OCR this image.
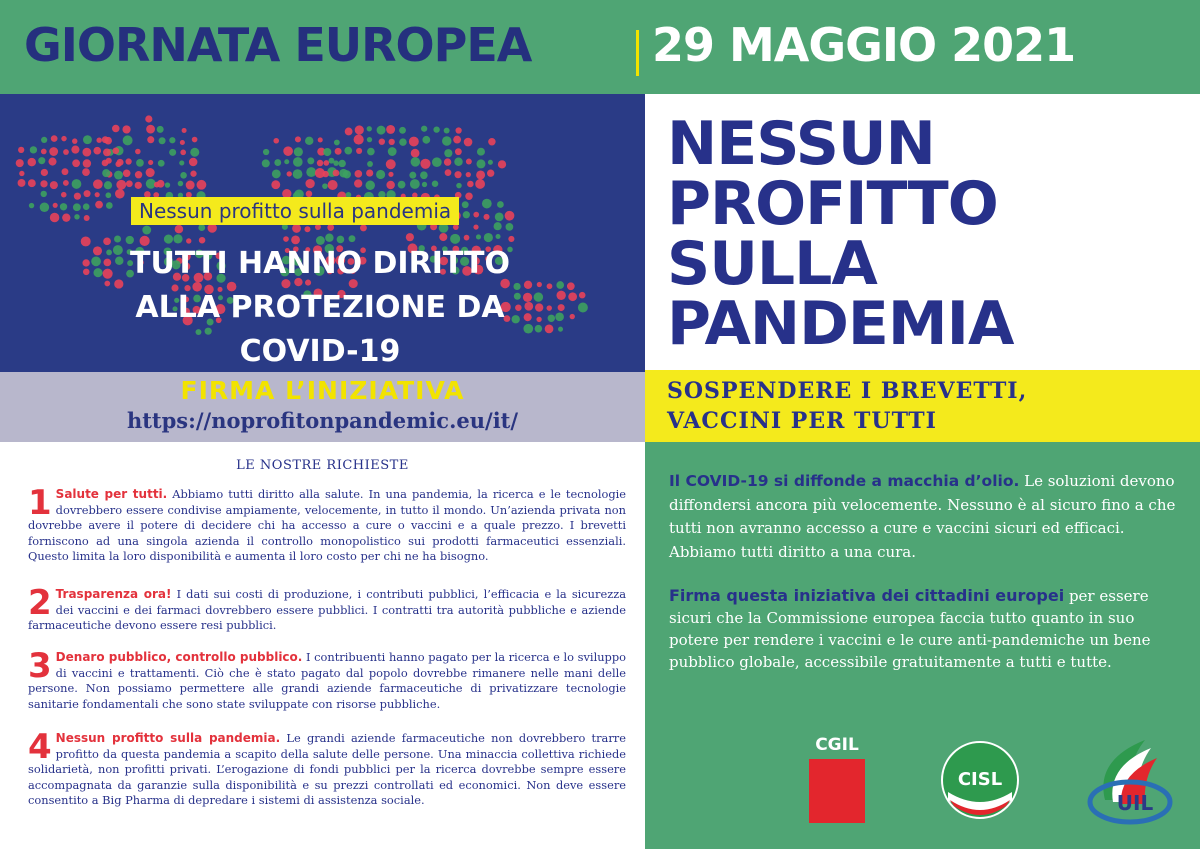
GIORNATA EUROPEA	29 MAGGIO 2021
Nessun profitto sulla pandemia
TUTTI HANNO DIRITTO
ALLA PROTEZIONE DA
COVID-19
FIRMA L’INIZIATIVA
https://noprofitonpandemic.eu/it/
NESSUN
PROFITTO
SULLA
PANDEMIA
SOSPENDERE I BREVETTI,
VACCINI PER TUTTI
LE NOSTRE RICHIESTE
1 Salute per tutti. Abbiamo tutti diritto alla salute. In una pandemia, la ricerca e le tecnologie dovrebbero essere condivise ampiamente, velocemente, in tutto il mondo. Un’azienda privata non dovrebbe avere il potere di decidere chi ha accesso a cure o vaccini e a quale prezzo. I brevetti forniscono ad una singola azienda il controllo monopolistico sui prodotti farmaceutici essenziali. Questo limita la loro disponibilità e aumenta il loro costo per chi ne ha bisogno.
2 Trasparenza ora! I dati sui costi di produzione, i contributi pubblici, l’efficacia e la sicurezza dei vaccini e dei farmaci dovrebbero essere pubblici. I contratti tra autorità pubbliche e aziende farmaceutiche devono essere resi pubblici.
3 Denaro pubblico, controllo pubblico. I contribuenti hanno pagato per la ricerca e lo sviluppo di vaccini e trattamenti. Ciò che è stato pagato dal popolo dovrebbe rimanere nelle mani delle persone. Non possiamo permettere alle grandi aziende farmaceutiche di privatizzare tecnologie sanitarie fondamentali che sono state sviluppate con risorse pubbliche.
4 Nessun profitto sulla pandemia. Le grandi aziende farmaceutiche non dovrebbero trarre profitto da questa pandemia a scapito della salute delle persone. Una minaccia collettiva richiede solidarietà, non profitti privati. L’erogazione di fondi pubblici per la ricerca dovrebbe sempre essere accompagnata da garanzie sulla disponibilità e su prezzi controllati ed economici. Non deve essere consentito a Big Pharma di depredare i sistemi di assistenza sociale.
Il COVID-19 si diffonde a macchia d’olio. Le soluzioni devono diffondersi ancora più velocemente. Nessuno è al sicuro fino a che tutti non avranno accesso a cure e vaccini sicuri ed efficaci. Abbiamo tutti diritto a una cura.
Firma questa iniziativa dei cittadini europei per essere sicuri che la Commissione europea faccia tutto quanto in suo potere per rendere i vaccini e le cure anti-pandemiche un bene pubblico globale, accessibile gratuitamente a tutti e tutte.
CGIL
CISL
UIL
